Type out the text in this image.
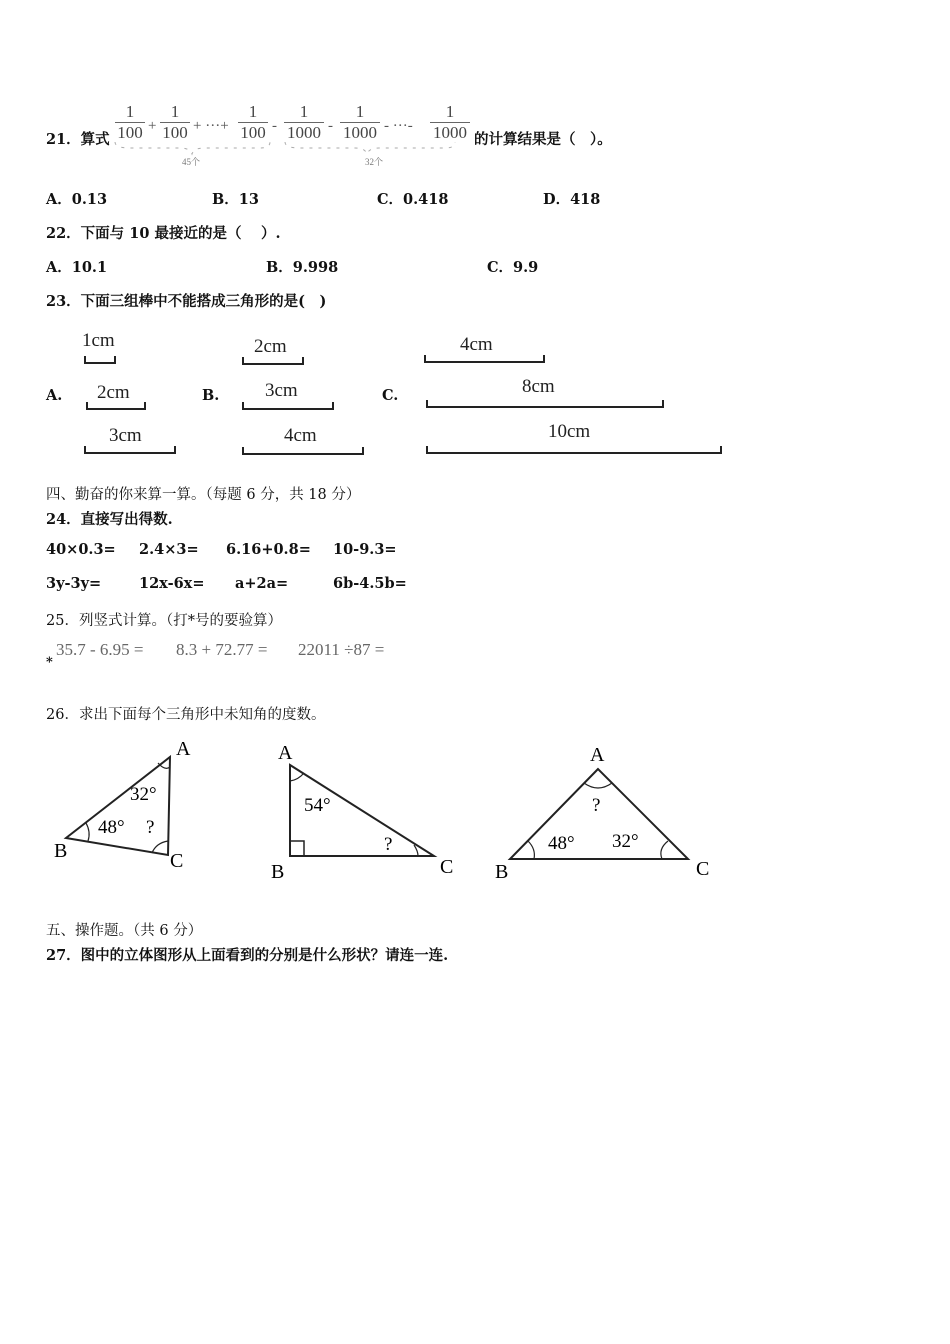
21．算式
1
100 +
1
100 + ···+
1
100 -
1
1000 -
1
1000 - ···-
1
1000
45个	32个
的计算结果是（　）。
A．0.13	B．13	C．0.418	D．418
22．下面与 10 最接近的是（　 ）.
A．10.1	B．9.998	C．9.9
23．下面三组棒中不能搭成三角形的是(　)
A.	B.	C.
1cm
2cm
3cm
2cm
3cm
4cm
4cm
8cm
10cm
四、勤奋的你来算一算。（每题 6 分，共 18 分）
24．直接写出得数.
40×0.3= 2.4×3= 6.16+0.8= 10-9.3=
3y-3y=	12x-6x= a+2a=	6b-4.5b=
25．列竖式计算。（打*号的要验算）
*
35.7 - 6.95 = 8.3 + 72.77 = 22011 ÷87 =
26．求出下面每个三角形中未知角的度数。
A
B	C
32°
48° ?
A
B	C
54°
?
A
B	C
48° 32°
?
五、操作题。（共 6 分）
27．图中的立体图形从上面看到的分别是什么形状？请连一连.
